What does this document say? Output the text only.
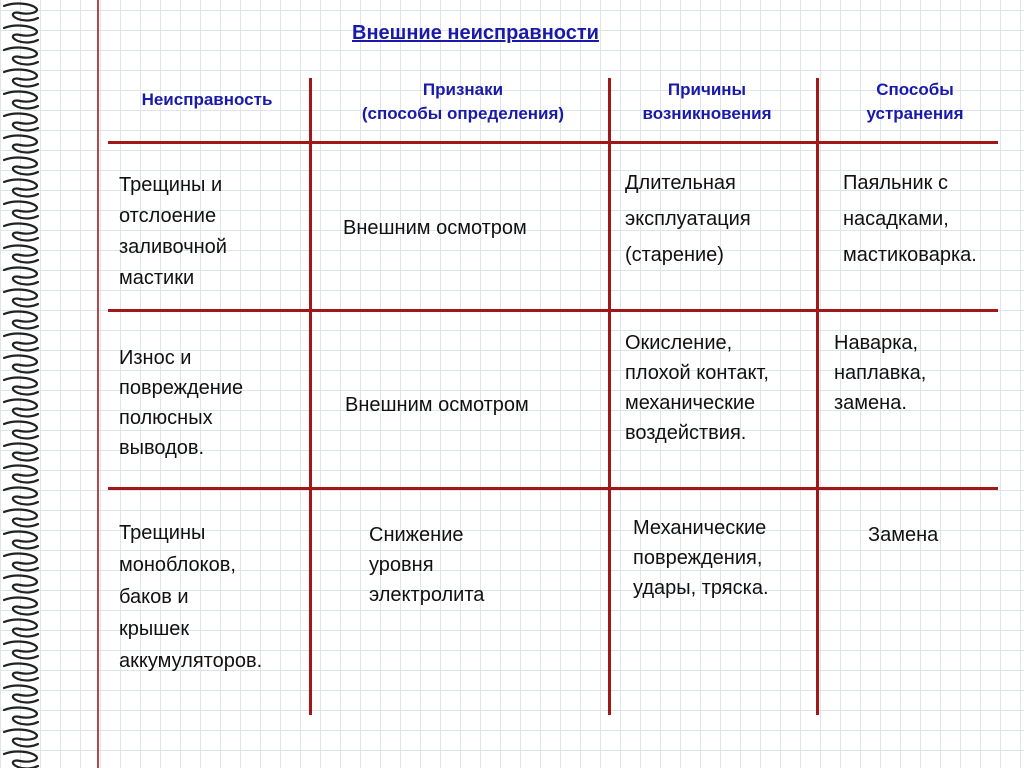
Внешние неисправности
Неисправность
Признаки
(способы определения)
Причины
возникновения
Способы
устранения
Трещины и
отслоение
заливочной
мастики
Внешним осмотром
Длительная
эксплуатация
(старение)
Паяльник с
насадками,
мастиковарка.
Износ и
повреждение
полюсных
выводов.
Внешним осмотром
Окисление,
плохой контакт,
механические
воздействия.
Наварка,
наплавка,
замена.
Трещины
моноблоков,
баков и
крышек
аккумуляторов.
Снижение
уровня
электролита
Механические
повреждения,
удары, тряска.
Замена
